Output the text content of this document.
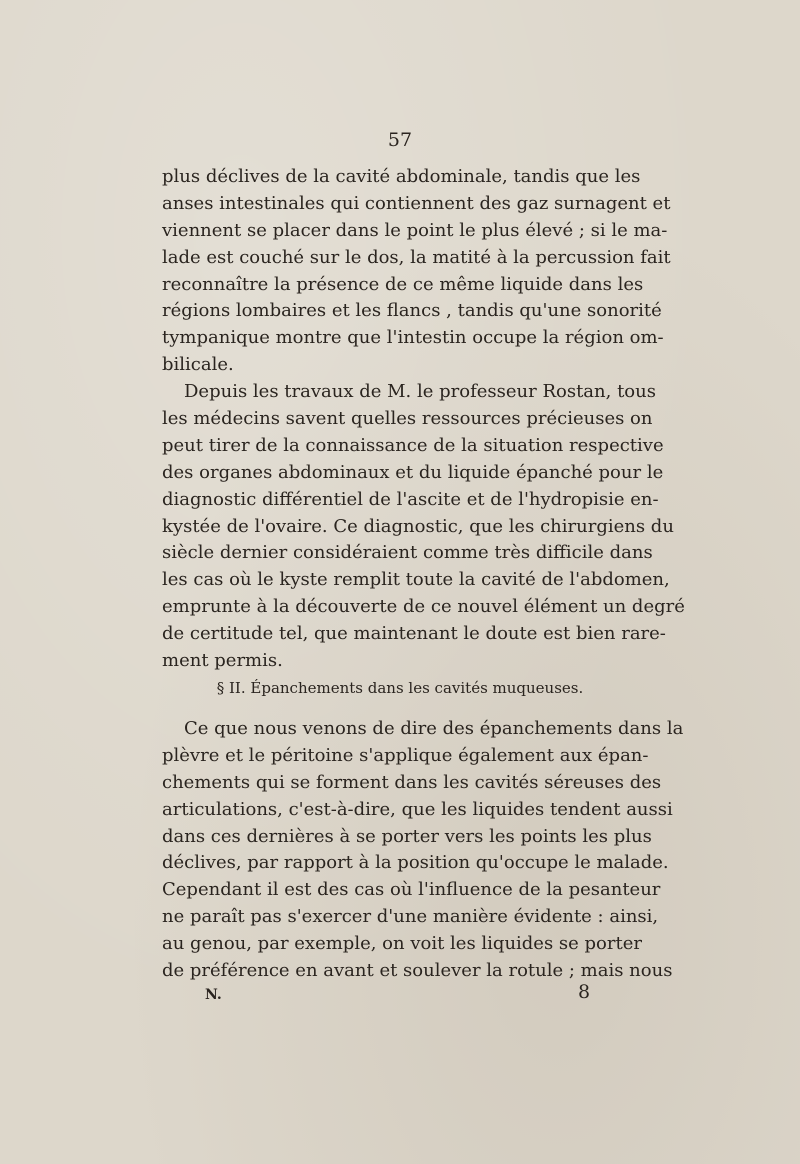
57
plus déclives de la cavité abdominale, tandis que les
anses intestinales qui contiennent des gaz surnagent et
viennent se placer dans le point le plus élevé ; si le ma-
lade est couché sur le dos, la matité à la percussion fait
reconnaître la présence de ce même liquide dans les
régions lombaires et les flancs , tandis qu'une sonorité
tympanique montre que l'intestin occupe la région om-
bilicale.
Depuis les travaux de M. le professeur Rostan, tous
les médecins savent quelles ressources précieuses on
peut tirer de la connaissance de la situation respective
des organes abdominaux et du liquide épanché pour le
diagnostic différentiel de l'ascite et de l'hydropisie en-
kystée de l'ovaire. Ce diagnostic, que les chirurgiens du
siècle dernier considéraient comme très difficile dans
les cas où le kyste remplit toute la cavité de l'abdomen,
emprunte à la découverte de ce nouvel élément un degré
de certitude tel, que maintenant le doute est bien rare-
ment permis.
§ II. Épanchements dans les cavités muqueuses.
Ce que nous venons de dire des épanchements dans la
plèvre et le péritoine s'applique également aux épan-
chements qui se forment dans les cavités séreuses des
articulations, c'est-à-dire, que les liquides tendent aussi
dans ces dernières à se porter vers les points les plus
déclives, par rapport à la position qu'occupe le malade.
Cependant il est des cas où l'influence de la pesanteur
ne paraît pas s'exercer d'une manière évidente : ainsi,
au genou, par exemple, on voit les liquides se porter
de préférence en avant et soulever la rotule ; mais nous
N.	8
